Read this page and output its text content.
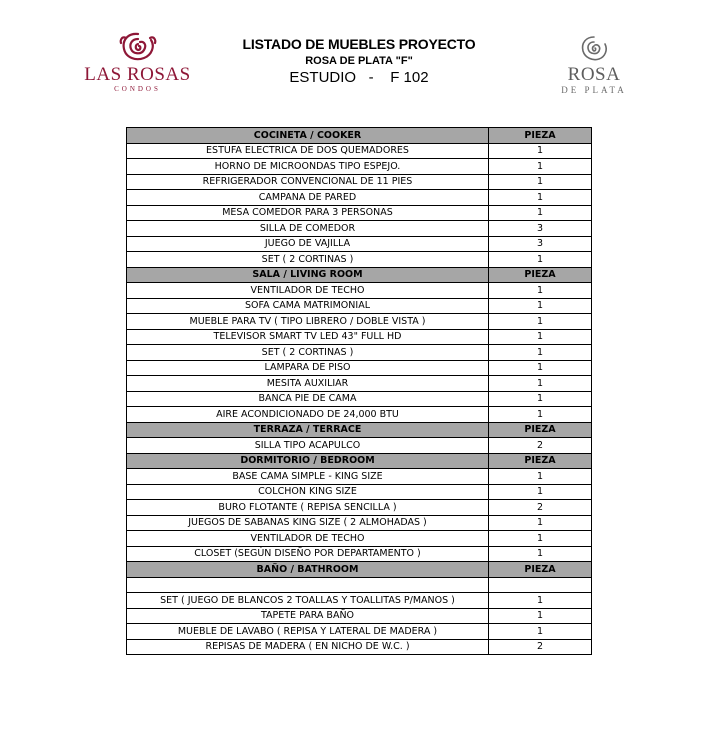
LAS ROSAS
CONDOS
LISTADO DE MUEBLES PROYECTO
ROSA DE PLATA "F"
ESTUDIO   -    F 102	ROSA
DE PLATA
COCINETA / COOKER	PIEZA
ESTUFA ELECTRICA DE DOS QUEMADORES	1
HORNO DE MICROONDAS TIPO ESPEJO.	1
REFRIGERADOR CONVENCIONAL DE 11 PIES	1
CAMPANA DE PARED	1
MESA COMEDOR PARA 3 PERSONAS	1
SILLA DE COMEDOR	3
JUEGO DE VAJILLA	3
SET ( 2 CORTINAS )	1
SALA / LIVING ROOM	PIEZA
VENTILADOR DE TECHO	1
SOFA CAMA MATRIMONIAL	1
MUEBLE PARA TV ( TIPO LIBRERO / DOBLE VISTA )	1
TELEVISOR SMART TV LED 43" FULL HD	1
SET ( 2 CORTINAS )	1
LAMPARA DE PISO	1
MESITA AUXILIAR	1
BANCA PIE DE CAMA	1
AIRE ACONDICIONADO DE 24,000 BTU	1
TERRAZA / TERRACE	PIEZA
SILLA TIPO ACAPULCO	2
DORMITORIO / BEDROOM	PIEZA
BASE CAMA SIMPLE - KING SIZE	1
COLCHON KING SIZE	1
BURO FLOTANTE ( REPISA SENCILLA )	2
JUEGOS DE SABANAS KING SIZE ( 2 ALMOHADAS )	1
VENTILADOR DE TECHO	1
CLOSET (SEGÚN DISEÑO POR DEPARTAMENTO )	1
BAÑO / BATHROOM	PIEZA

SET ( JUEGO DE BLANCOS 2 TOALLAS Y TOALLITAS P/MANOS )	1
TAPETE PARA BAÑO	1
MUEBLE DE LAVABO ( REPISA Y LATERAL DE MADERA )	1
REPISAS DE MADERA ( EN NICHO DE W.C. )	2
